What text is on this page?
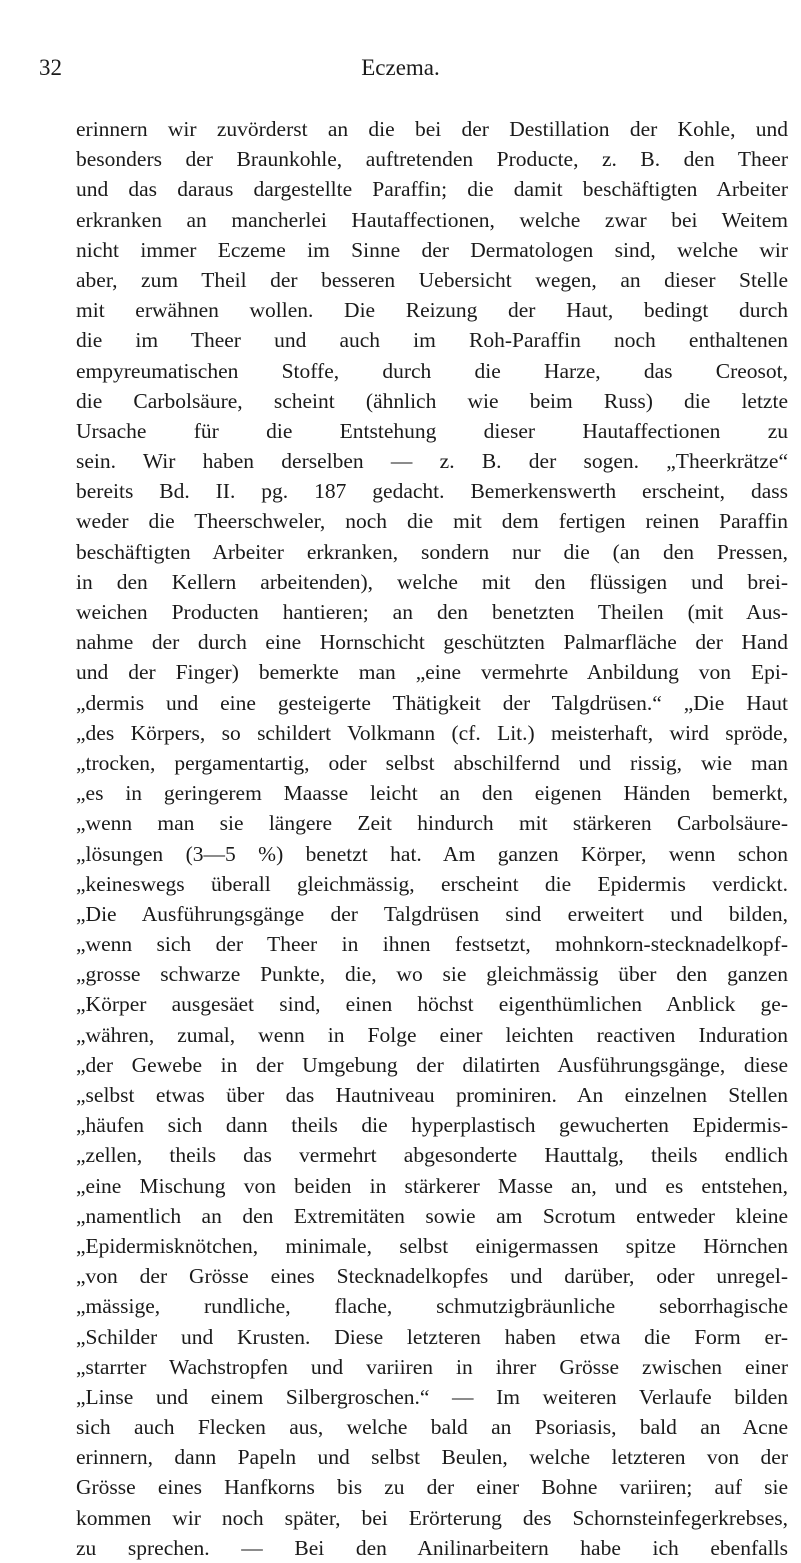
32	Eczema.
erinnern wir zuvörderst an die bei der Destillation der Kohle, und
besonders der Braunkohle, auftretenden Producte, z. B. den Theer
und das daraus dargestellte Paraffin; die damit beschäftigten Arbeiter
erkranken an mancherlei Hautaffectionen, welche zwar bei Weitem
nicht immer Eczeme im Sinne der Dermatologen sind, welche wir
aber, zum Theil der besseren Uebersicht wegen, an dieser Stelle
mit erwähnen wollen. Die Reizung der Haut, bedingt durch
die im Theer und auch im Roh-Paraffin noch enthaltenen
empyreumatischen Stoffe, durch die Harze, das Creosot,
die Carbolsäure, scheint (ähnlich wie beim Russ) die letzte
Ursache für die Entstehung dieser Hautaffectionen zu
sein. Wir haben derselben — z. B. der sogen. „Theerkrätze“
bereits Bd. II. pg. 187 gedacht. Bemerkenswerth erscheint, dass
weder die Theerschweler, noch die mit dem fertigen reinen Paraffin
beschäftigten Arbeiter erkranken, sondern nur die (an den Pressen,
in den Kellern arbeitenden), welche mit den flüssigen und brei-
weichen Producten hantieren; an den benetzten Theilen (mit Aus-
nahme der durch eine Hornschicht geschützten Palmarfläche der Hand
und der Finger) bemerkte man „eine vermehrte Anbildung von Epi-
„dermis und eine gesteigerte Thätigkeit der Talgdrüsen.“ „Die Haut
„des Körpers, so schildert Volkmann (cf. Lit.) meisterhaft, wird spröde,
„trocken, pergamentartig, oder selbst abschilfernd und rissig, wie man
„es in geringerem Maasse leicht an den eigenen Händen bemerkt,
„wenn man sie längere Zeit hindurch mit stärkeren Carbolsäure-
„lösungen (3—5 %) benetzt hat. Am ganzen Körper, wenn schon
„keineswegs überall gleichmässig, erscheint die Epidermis verdickt.
„Die Ausführungsgänge der Talgdrüsen sind erweitert und bilden,
„wenn sich der Theer in ihnen festsetzt, mohnkorn-stecknadelkopf-
„grosse schwarze Punkte, die, wo sie gleichmässig über den ganzen
„Körper ausgesäet sind, einen höchst eigenthümlichen Anblick ge-
„währen, zumal, wenn in Folge einer leichten reactiven Induration
„der Gewebe in der Umgebung der dilatirten Ausführungsgänge, diese
„selbst etwas über das Hautniveau prominiren. An einzelnen Stellen
„häufen sich dann theils die hyperplastisch gewucherten Epidermis-
„zellen, theils das vermehrt abgesonderte Hauttalg, theils endlich
„eine Mischung von beiden in stärkerer Masse an, und es entstehen,
„namentlich an den Extremitäten sowie am Scrotum entweder kleine
„Epidermisknötchen, minimale, selbst einigermassen spitze Hörnchen
„von der Grösse eines Stecknadelkopfes und darüber, oder unregel-
„mässige, rundliche, flache, schmutzigbräunliche seborrhagische
„Schilder und Krusten. Diese letzteren haben etwa die Form er-
„starrter Wachstropfen und variiren in ihrer Grösse zwischen einer
„Linse und einem Silbergroschen.“ — Im weiteren Verlaufe bilden
sich auch Flecken aus, welche bald an Psoriasis, bald an Acne
erinnern, dann Papeln und selbst Beulen, welche letzteren von der
Grösse eines Hanfkorns bis zu der einer Bohne variiren; auf sie
kommen wir noch später, bei Erörterung des Schornsteinfegerkrebses,
zu sprechen. — Bei den Anilinarbeitern habe ich ebenfalls
